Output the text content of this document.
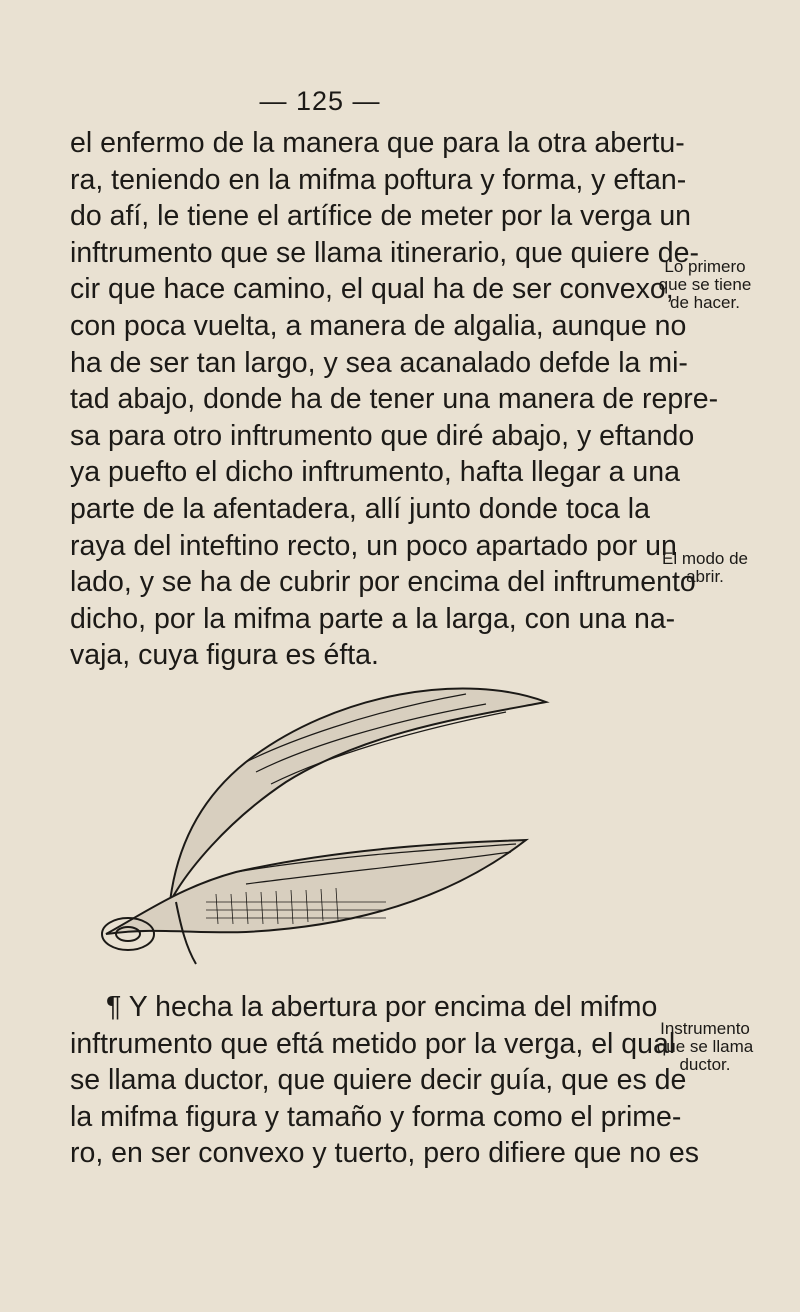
— 125 —
el enfermo de la manera que para la otra abertu-
ra, teniendo en la mifma poftura y forma, y eftan-
do afí, le tiene el artífice de meter por la verga un
inftrumento que se llama itinerario, que quiere de-
cir que hace camino, el qual ha de ser convexo,
con poca vuelta, a manera de algalia, aunque no
ha de ser tan largo, y sea acanalado defde la mi-
tad abajo, donde ha de tener una manera de repre-
sa para otro inftrumento que diré abajo, y eftando
ya puefto el dicho inftrumento, hafta llegar a una
parte de la afentadera, allí junto donde toca la
raya del inteftino recto, un poco apartado por un
lado, y se ha de cubrir por encima del inftrumento
dicho, por la mifma parte a la larga, con una na-
vaja, cuya figura es éfta.
Lo primero
que se tiene
de hacer.
El modo de
abrir.
¶ Y hecha la abertura por encima del mifmo
inftrumento que eftá metido por la verga, el qual
se llama ductor, que quiere decir guía, que es de
la mifma figura y tamaño y forma como el prime-
ro, en ser convexo y tuerto, pero difiere que no es
Instrumento
que se llama
ductor.
